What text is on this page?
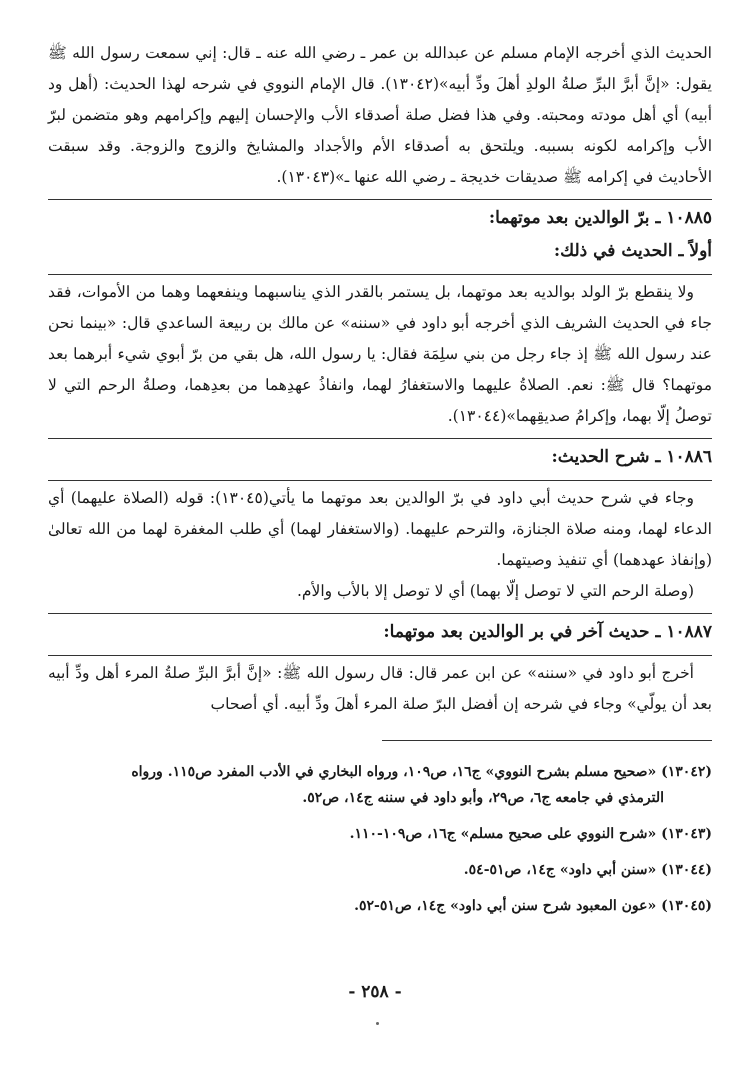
الحديث الذي أخرجه الإمام مسلم عن عبدالله بن عمر ـ رضي الله عنه ـ قال: إني سمعت رسول الله ﷺ يقول: «إنَّ أبرَّ البرِّ صلةُ الولدِ أهلَ ودِّ أبيه»(١٣٠٤٢). قال الإمام النووي في شرحه لهذا الحديث: (أهل ود أبيه) أي أهل مودته ومحبته. وفي هذا فضل صلة أصدقاء الأب والإحسان إليهم وإكرامهم وهو متضمن لبرّ الأب وإكرامه لكونه بسببه. ويلتحق به أصدقاء الأم والأجداد والمشايخ والزوج والزوجة. وقد سبقت الأحاديث في إكرامه ﷺ صديقات خديجة ـ رضي الله عنها ـ»(١٣٠٤٣).

١٠٨٨٥ ـ برّ الوالدين بعد موتهما:

أولاً ـ الحديث في ذلك:

ولا ينقطع برّ الولد بوالديه بعد موتهما، بل يستمر بالقدر الذي يناسبهما وينفعهما وهما من الأموات، فقد جاء في الحديث الشريف الذي أخرجه أبو داود في «سننه» عن مالك بن ربيعة الساعدي قال: «بينما نحن عند رسول الله ﷺ إذ جاء رجل من بني سلِمَة فقال: يا رسول الله، هل بقي من برّ أبوي شيء أبرهما بعد موتهما؟ قال ﷺ: نعم. الصلاةُ عليهما والاستغفارُ لهما، وانفاذُ عهدِهما من بعدِهما، وصلةُ الرحم التي لا توصلُ إلّا بهما، وإكرامُ صديقِهما»(١٣٠٤٤).

١٠٨٨٦ ـ شرح الحديث:

وجاء في شرح حديث أبي داود في برّ الوالدين بعد موتهما ما يأتي(١٣٠٤٥): قوله (الصلاة عليهما) أي الدعاء لهما، ومنه صلاة الجنازة، والترحم عليهما. (والاستغفار لهما) أي طلب المغفرة لهما من الله تعالىٰ (وإنفاذ عهدهما) أي تنفيذ وصيتهما.

(وصلة الرحم التي لا توصل إلّا بهما) أي لا توصل إلا بالأب والأم.

١٠٨٨٧ ـ حديث آخر في بر الوالدين بعد موتهما:

أخرج أبو داود في «سننه» عن ابن عمر قال: قال رسول الله ﷺ: «إنَّ أبرَّ البرِّ صلةُ المرء أهل ودِّ أبيه بعد أن يولّي» وجاء في شرحه إن أفضل البرّ صلة المرء أهلَ ودِّ أبيه. أي أصحاب

(١٣٠٤٢) «صحيح مسلم بشرح النووي» ج١٦، ص١٠٩، ورواه البخاري في الأدب المفرد ص١١٥. ورواه
الترمذي في جامعه ج٦، ص٢٩، وأبو داود في سننه ج١٤، ص٥٢.

(١٣٠٤٣) «شرح النووي على صحيح مسلم» ج١٦، ص١٠٩-١١٠.

(١٣٠٤٤) «سنن أبي داود» ج١٤، ص٥١-٥٤.

(١٣٠٤٥) «عون المعبود شرح سنن أبي داود» ج١٤، ص٥١-٥٢.

- ٢٥٨ -
